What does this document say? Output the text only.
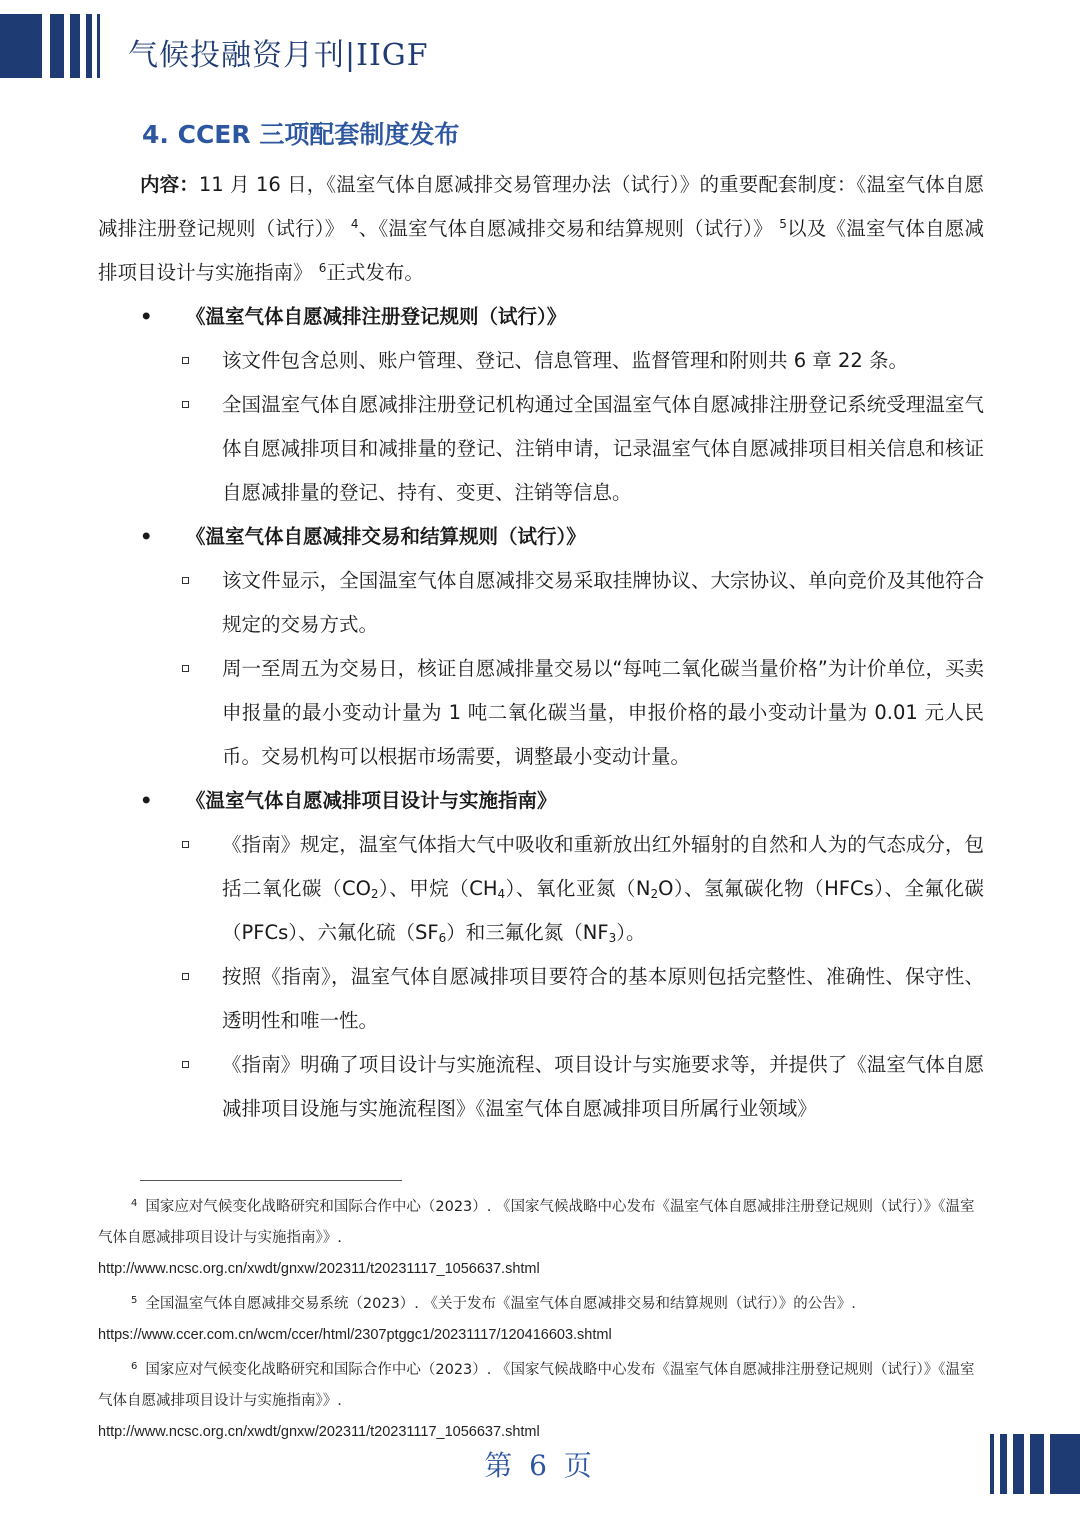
气候投融资月刊|IIGF
4. CCER 三项配套制度发布

内容：11 月 16 日，《温室气体自愿减排交易管理办法（试行）》的重要配套制度：《温室气体自愿减排注册登记规则（试行）》 $^4$、《温室气体自愿减排交易和结算规则（试行）》 $^5$以及《温室气体自愿减排项目设计与实施指南》 $^6$正式发布。

• 《温室气体自愿减排注册登记规则（试行）》
该文件包含总则、账户管理、登记、信息管理、监督管理和附则共 6 章 22 条。
全国温室气体自愿减排注册登记机构通过全国温室气体自愿减排注册登记系统受理温室气体自愿减排项目和减排量的登记、注销申请，记录温室气体自愿减排项目相关信息和核证自愿减排量的登记、持有、变更、注销等信息。
• 《温室气体自愿减排交易和结算规则（试行）》
该文件显示，全国温室气体自愿减排交易采取挂牌协议、大宗协议、单向竞价及其他符合规定的交易方式。
周一至周五为交易日，核证自愿减排量交易以“每吨二氧化碳当量价格”为计价单位，买卖申报量的最小变动计量为 1 吨二氧化碳当量，申报价格的最小变动计量为 0.01 元人民币。交易机构可以根据市场需要，调整最小变动计量。
• 《温室气体自愿减排项目设计与实施指南》
《指南》规定，温室气体指大气中吸收和重新放出红外辐射的自然和人为的气态成分，包括二氧化碳$(CO_2)$、甲烷$(CH_4)$、氧化亚氮$(N_2O)$、氢氟碳化物（HFCs）、全氟化碳（PFCs）、六氟化硫$(SF_6)$和三氟化氮$(NF_3)$。
按照《指南》，温室气体自愿减排项目要符合的基本原则包括完整性、准确性、保守性、透明性和唯一性。
《指南》明确了项目设计与实施流程、项目设计与实施要求等，并提供了《温室气体自愿减排项目设施与实施流程图》《温室气体自愿减排项目所属行业领域》

$^4$ 国家应对气候变化战略研究和国际合作中心（2023）. 《国家气候战略中心发布《温室气体自愿减排注册登记规则（试行）》《温室气体自愿减排项目设计与实施指南》》.

http://www.ncsc.org.cn/xwdt/gnxw/202311/t20231117_1056637.shtml

$^5$ 全国温室气体自愿减排交易系统（2023）. 《关于发布《温室气体自愿减排交易和结算规则（试行）》的公告》.

https://www.ccer.com.cn/wcm/ccer/html/2307ptggc1/20231117/120416603.shtml

$^6$ 国家应对气候变化战略研究和国际合作中心（2023）. 《国家气候战略中心发布《温室气体自愿减排注册登记规则（试行）》《温室气体自愿减排项目设计与实施指南》》.

http://www.ncsc.org.cn/xwdt/gnxw/202311/t20231117_1056637.shtml

第 6 页
